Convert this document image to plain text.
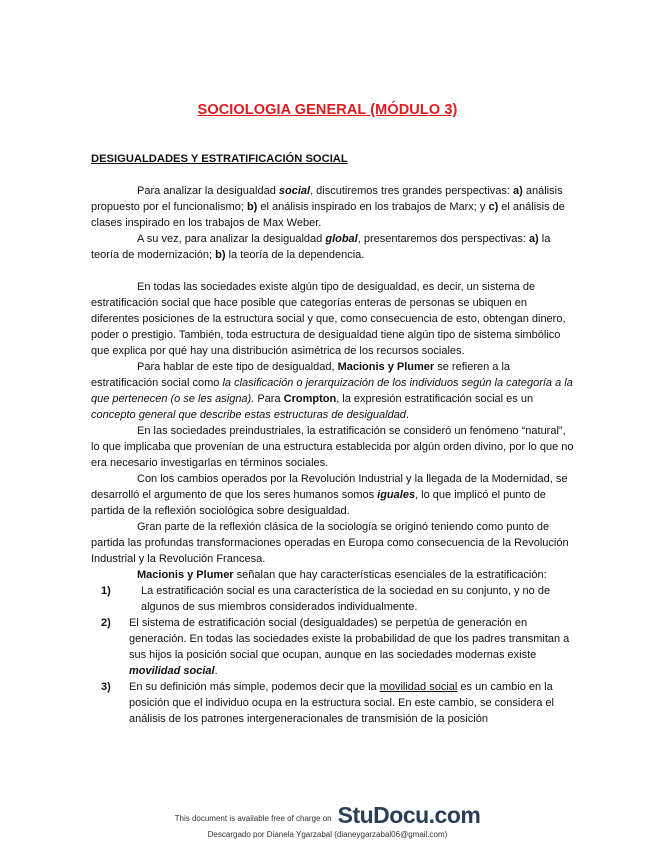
SOCIOLOGIA GENERAL (MÓDULO 3)
DESIGUALDADES Y ESTRATIFICACIÓN SOCIAL

Para analizar la desigualdad social, discutiremos tres grandes perspectivas: a) análisis propuesto por el funcionalismo; b) el análisis inspirado en los trabajos de Marx; y c) el análisis de clases inspirado en los trabajos de Max Weber.

A su vez, para analizar la desigualdad global, presentaremos dos perspectivas: a) la teoría de modernización; b) la teoría de la dependencia.

En todas las sociedades existe algún tipo de desigualdad, es decir, un sistema de estratificación social que hace posible que categorías enteras de personas se ubiquen en diferentes posiciones de la estructura social y que, como consecuencia de esto, obtengan dinero, poder o prestigio. También, toda estructura de desigualdad tiene algún tipo de sistema simbólico que explica por qué hay una distribución asimétrica de los recursos sociales.

Para hablar de este tipo de desigualdad, Macionis y Plumer se refieren a la estratificación social como la clasificación o jerarquización de los individuos según la categoría a la que pertenecen (o se les asigna). Para Crompton, la expresión estratificación social es un concepto general que describe estas estructuras de desigualdad.

En las sociedades preindustriales, la estratificación se consideró un fenómeno “natural”, lo que implicaba que provenían de una estructura establecida por algún orden divino, por lo que no era necesario investigarlas en términos sociales.

Con los cambios operados por la Revolución Industrial y la llegada de la Modernidad, se desarrolló el argumento de que los seres humanos somos iguales, lo que implicó el punto de partida de la reflexión sociológica sobre desigualdad.

Gran parte de la reflexión clásica de la sociología se originó teniendo como punto de partida las profundas transformaciones operadas en Europa como consecuencia de la Revolución Industrial y la Revolución Francesa.

Macionis y Plumer señalan que hay características esenciales de la estratificación:

1)	La estratificación social es una característica de la sociedad en su conjunto, y no de algunos de sus miembros considerados individualmente.
2) El sistema de estratificación social (desigualdades) se perpetúa de generación en generación. En todas las sociedades existe la probabilidad de que los padres transmitan a sus hijos la posición social que ocupan, aunque en las sociedades modernas existe movilidad social.
3) En su definición más simple, podemos decir que la movilidad social es un cambio en la posición que el individuo ocupa en la estructura social. En este cambio, se considera el análisis de los patrones intergeneracionales de transmisión de la posición
This document is available free of charge on StuDocu.com
Descargado por Dianela Ygarzabal (dianeygarzabal06@gmail.com)
